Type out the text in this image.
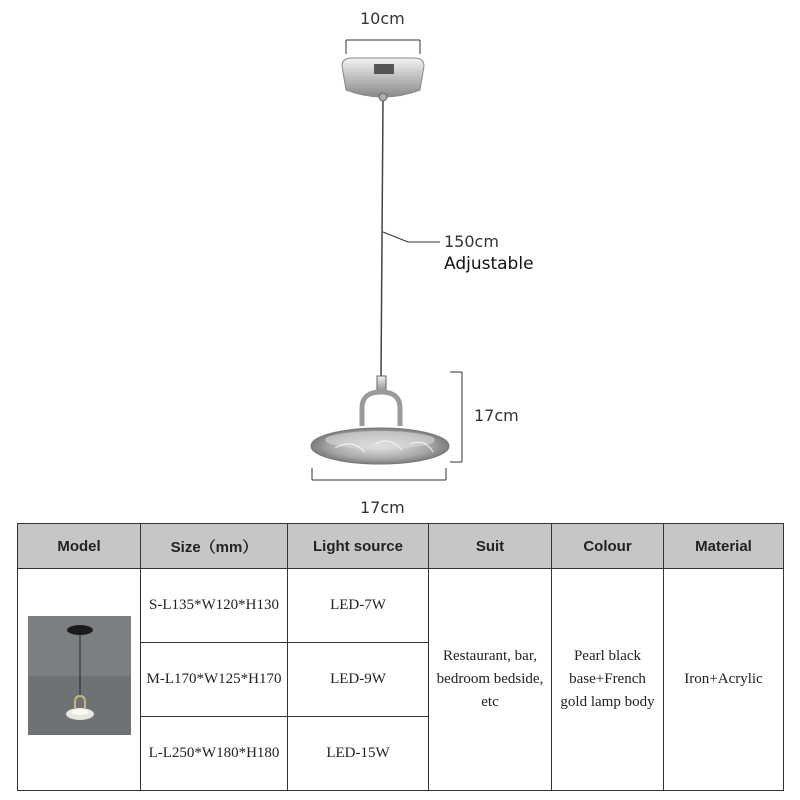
10cm
150cm
Adjustable
17cm
17cm
Model	Size（mm）	Light source	Suit	Colour	Material
	S-L135*W120*H130	LED-7W	Restaurant, bar, bedroom bedside, etc	Pearl black base+French gold lamp body	Iron+Acrylic
	M-L170*W125*H170	LED-9W			
	L-L250*W180*H180	LED-15W			
